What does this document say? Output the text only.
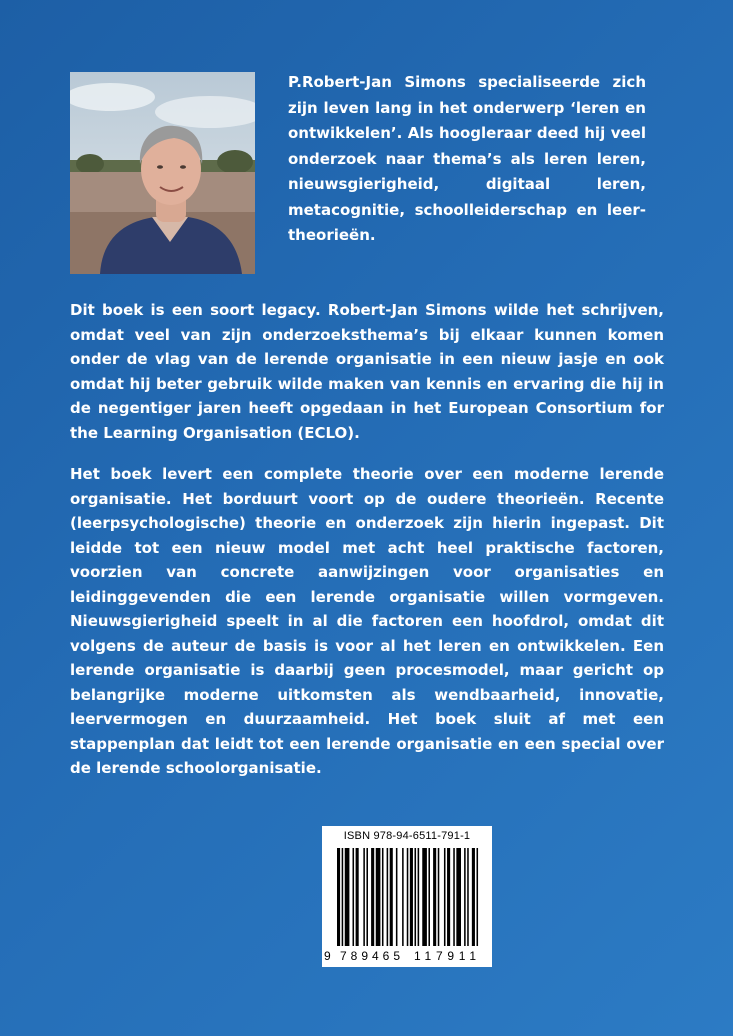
P.Robert-Jan Simons specialiseerde zich zijn leven lang in het onderwerp ‘leren en ontwikkelen’. Als hoogleraar deed hij veel onderzoek naar thema’s als leren leren, nieuwsgierigheid, digitaal leren, metacognitie, schoolleiderschap en leer-theorieën.

Dit boek is een soort legacy. Robert-Jan Simons wilde het schrijven, omdat veel van zijn onderzoeksthema’s bij elkaar kunnen komen onder de vlag van de lerende organisatie in een nieuw jasje en ook omdat hij beter gebruik wilde maken van kennis en ervaring die hij in de negentiger jaren heeft opgedaan in het European Consortium for the Learning Organisation (ECLO).

Het boek levert een complete theorie over een moderne lerende organisatie. Het borduurt voort op de oudere theorieën. Recente (leerpsychologische) theorie en onderzoek zijn hierin ingepast. Dit leidde tot een nieuw model met acht heel praktische factoren, voorzien van concrete aanwijzingen voor organisaties en leidinggevenden die een lerende organisatie willen vormgeven. Nieuwsgierigheid speelt in al die factoren een hoofdrol, omdat dit volgens de auteur de basis is voor al het leren en ontwikkelen. Een lerende organisatie is daarbij geen procesmodel, maar gericht op belangrijke moderne uitkomsten als wendbaarheid, innovatie, leervermogen en duurzaamheid. Het boek sluit af met een stappenplan dat leidt tot een lerende organisatie en een special over de lerende schoolorganisatie.

ISBN 978-94-6511-791-1
9 789465 117911
